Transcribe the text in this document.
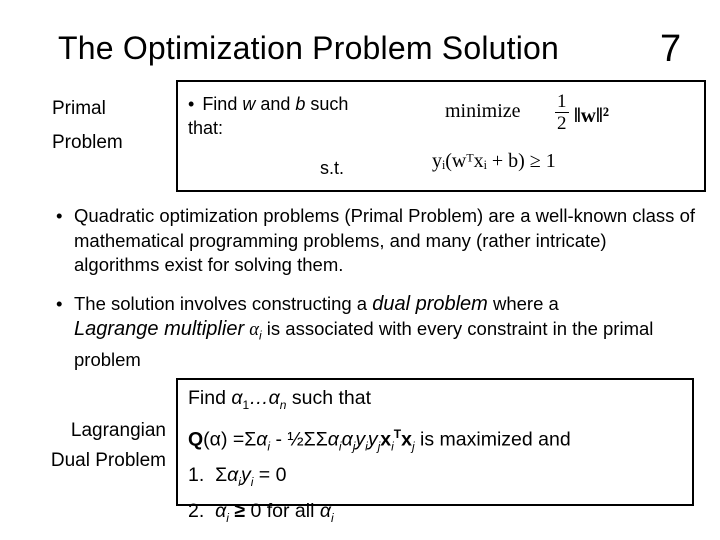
The Optimization Problem Solution	7
Primal
Problem
• Find w and b such that:
minimize $\frac{1}{2}$ ‖w‖²
s.t.	yᵢ(wᵀxᵢ + b) ≥ 1
• Quadratic optimization problems (Primal Problem) are a well-known class of mathematical programming problems, and many (rather intricate) algorithms exist for solving them.
• The solution involves constructing a dual problem where a
Lagrange multiplier $\alpha_i$ is associated with every constraint in the primal problem
Lagrangian
Dual Problem
Find $\alpha_1\dots\alpha_n$ such that
$Q(\alpha) =\Sigma\alpha_i$ - $\frac{1}{2}\Sigma\Sigma\alpha_i\alpha_jy_iy_jx_i^Tx_j$ is maximized and
1.  $\Sigma\alpha_iy_i = 0$
2.  $\alpha_i \ge 0$ for all $\alpha_i$
